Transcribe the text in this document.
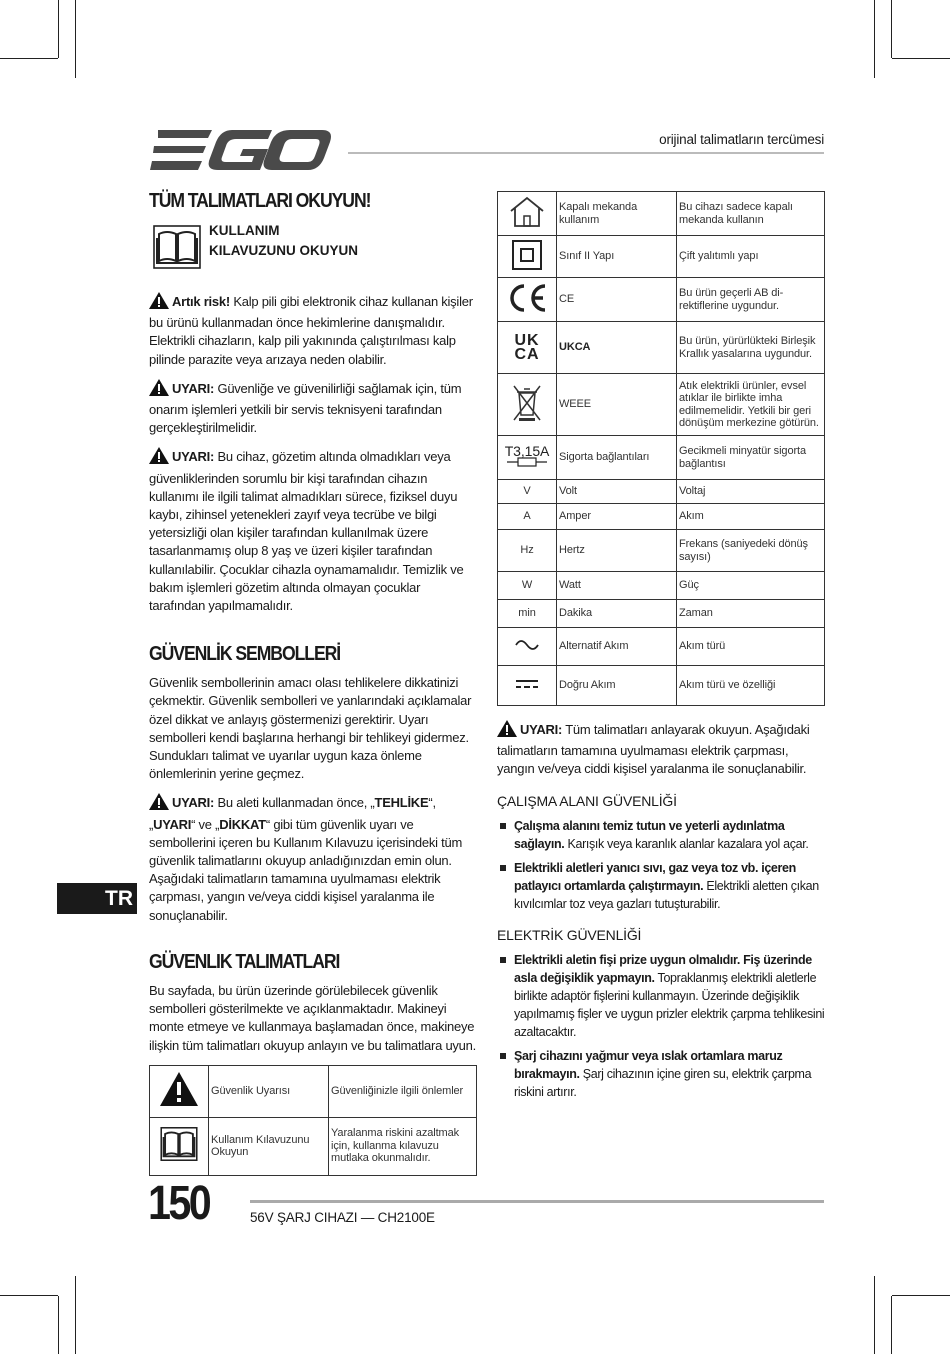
orijinal talimatların tercümesi
TÜM TALIMATLARI OKUYUN!
KULLANIM
KILAVUZUNU OKUYUN

Artık risk! Kalp pili gibi elektronik cihaz kullanan kişiler bu ürünü kullanmadan önce hekimlerine danışmalıdır. Elektrikli cihazların, kalp pili yakınında çalıştırılması kalp pilinde parazite veya arızaya neden olabilir.

UYARI: Güvenliğe ve güvenilirliği sağlamak için, tüm onarım işlemleri yetkili bir servis teknisyeni tarafından gerçekleştirilmelidir.

UYARI: Bu cihaz, gözetim altında olmadıkları veya güvenliklerinden sorumlu bir kişi tarafından cihazın kullanımı ile ilgili talimat almadıkları sürece, fiziksel duyu kaybı, zihinsel yetenekleri zayıf veya tecrübe ve bilgi yetersizliği olan kişiler tarafından kullanılmak üzere tasarlanmamış olup 8 yaş ve üzeri kişiler tarafından kullanılabilir. Çocuklar cihazla oynamamalıdır. Temizlik ve bakım işlemleri gözetim altında olmayan çocuklar tarafından yapılmamalıdır.

GÜVENLİK SEMBOLLERİ

Güvenlik sembollerinin amacı olası tehlikelere dikkatinizi çekmektir. Güvenlik sembolleri ve yanlarındaki açıklamalar özel dikkat ve anlayış göstermenizi gerektirir. Uyarı sembolleri kendi başlarına herhangi bir tehlikeyi gidermez. Sundukları talimat ve uyarılar uygun kaza önleme önlemlerinin yerine geçmez.

UYARI: Bu aleti kullanmadan önce, „TEHLİKE“, „UYARI“ ve „DİKKAT“ gibi tüm güvenlik uyarı ve sembollerini içeren bu Kullanım Kılavuzu içerisindeki tüm güvenlik talimatlarını okuyup anladığınızdan emin olun. Aşağıdaki talimatların tamamına uyulmaması elektrik çarpması, yangın ve/veya ciddi kişisel yaralanma ile sonuçlanabilir.

GÜVENLIK TALIMATLARI

Bu sayfada, bu ürün üzerinde görülebilecek güvenlik sembolleri gösterilmekte ve açıklanmaktadır. Makineyi monte etmeye ve kullanmaya başlamadan önce, makineye ilişkin tüm talimatları okuyup anlayın ve bu talimatlara uyun.

	Güvenlik Uyarısı	Güvenliğinizle ilgili önlemler
	Kullanım Kılavuzunu Okuyun	Yaralanma riskini azaltmak için, kullanma kılavuzu mutlaka okunmalıdır.
	Kapalı mekanda kullanım	Bu cihazı sadece kapalı mekanda kullanın
	Sınıf II Yapı	Çift yalıtımlı yapı
	CE	Bu ürün geçerli AB di-rektiflerine uygundur.

UK
CA	UKCA	Bu ürün, yürürlükteki Birleşik Krallık yasalarına uygundur.
	WEEE	Atık elektrikli ürünler, evsel atıklar ile birlikte imha edilmemelidir. Yetkili bir geri dönüşüm merkezine götürün.

T3,15A	Sigorta bağlantıları	Gecikmeli minyatür sigorta bağlantısı
V	Volt	Voltaj
A	Amper	Akım
Hz	Hertz	Frekans (saniyedeki dönüş sayısı)
W	Watt	Güç
min	Dakika	Zaman
	Alternatif Akım	Akım türü
	Doğru Akım	Akım türü ve özelliği

UYARI: Tüm talimatları anlayarak okuyun. Aşağıdaki talimatların tamamına uyulmaması elektrik çarpması, yangın ve/veya ciddi kişisel yaralanma ile sonuçlanabilir.

ÇALIŞMA ALANI GÜVENLİĞİ

Çalışma alanını temiz tutun ve yeterli aydınlatma sağlayın. Karışık veya karanlık alanlar kazalara yol açar.

Elektrikli aletleri yanıcı sıvı, gaz veya toz vb. içeren patlayıcı ortamlarda çalıştırmayın. Elektrikli aletten çıkan kıvılcımlar toz veya gazları tutuşturabilir.

ELEKTRİK GÜVENLİĞİ

Elektrikli aletin fişi prize uygun olmalıdır. Fiş üzerinde asla değişiklik yapmayın. Topraklanmış elektrikli aletlerle birlikte adaptör fişlerini kullanmayın. Üzerinde değişiklik yapılmamış fişler ve uygun prizler elektrik çarpma tehlikesini azaltacaktır.

Şarj cihazını yağmur veya ıslak ortamlara maruz bırakmayın. Şarj cihazının içine giren su, elektrik çarpma riskini artırır.

TR
150	56V ŞARJ CIHAZI — CH2100E
